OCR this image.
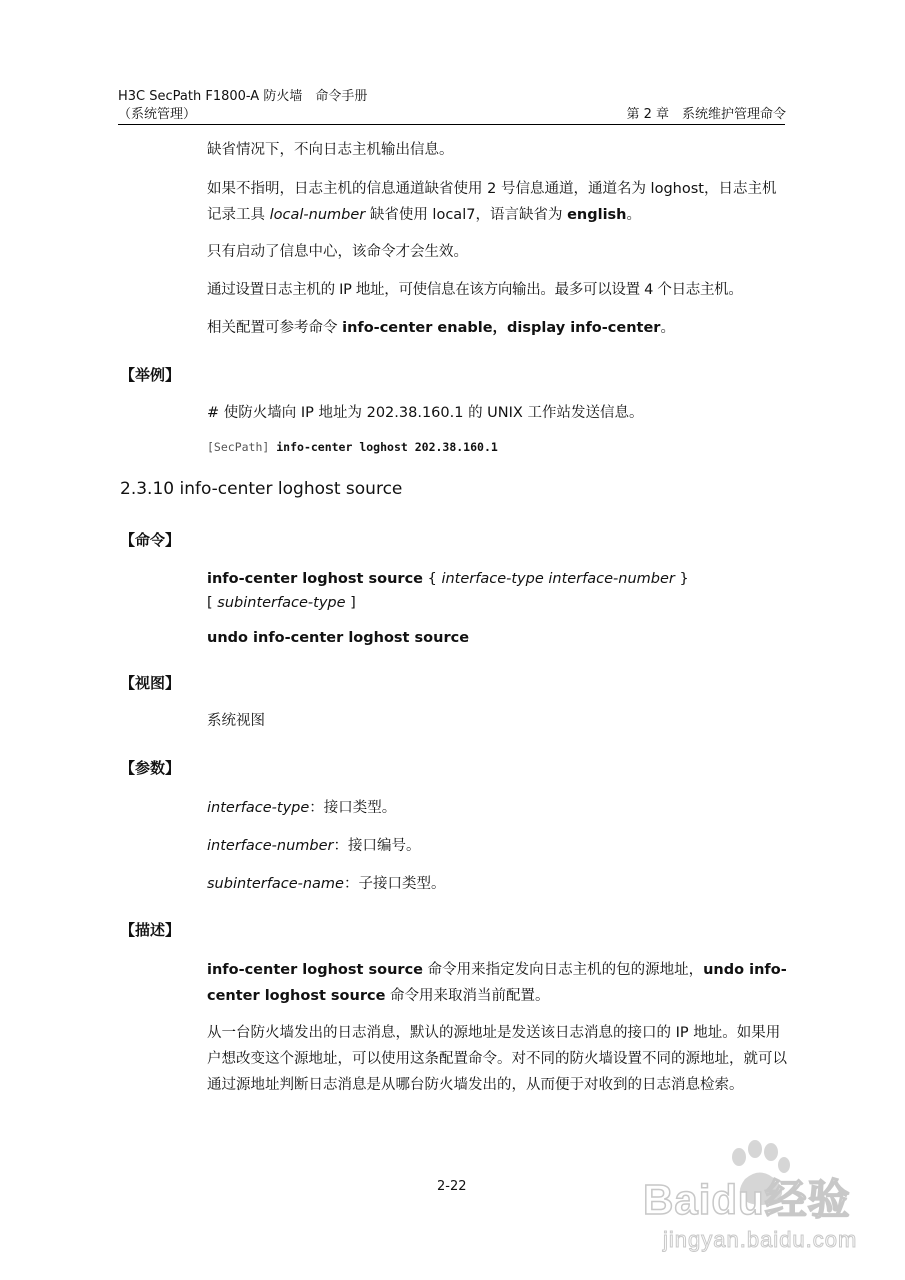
H3C SecPath F1800-A 防火墙　命令手册
（系统管理）	第 2 章　系统维护管理命令
缺省情况下，不向日志主机输出信息。
如果不指明，日志主机的信息通道缺省使用 2 号信息通道，通道名为 loghost，日志主机记录工具 local-number 缺省使用 local7，语言缺省为 english。
只有启动了信息中心，该命令才会生效。
通过设置日志主机的 IP 地址，可使信息在该方向输出。最多可以设置 4 个日志主机。
相关配置可参考命令 info-center enable，display info-center。
【举例】
# 使防火墙向 IP 地址为 202.38.160.1 的 UNIX 工作站发送信息。
[SecPath] info-center loghost 202.38.160.1
2.3.10 info-center loghost source
【命令】
info-center loghost source { interface-type interface-number }
[ subinterface-type ]
undo info-center loghost source
【视图】
系统视图
【参数】
interface-type：接口类型。
interface-number：接口编号。
subinterface-name：子接口类型。
【描述】
info-center loghost source 命令用来指定发向日志主机的包的源地址，undo info-center loghost source 命令用来取消当前配置。
从一台防火墙发出的日志消息，默认的源地址是发送该日志消息的接口的 IP 地址。如果用户想改变这个源地址，可以使用这条配置命令。对不同的防火墙设置不同的源地址，就可以通过源地址判断日志消息是从哪台防火墙发出的，从而便于对收到的日志消息检索。
2-22	Baidu经验
jingyan.baidu.com
